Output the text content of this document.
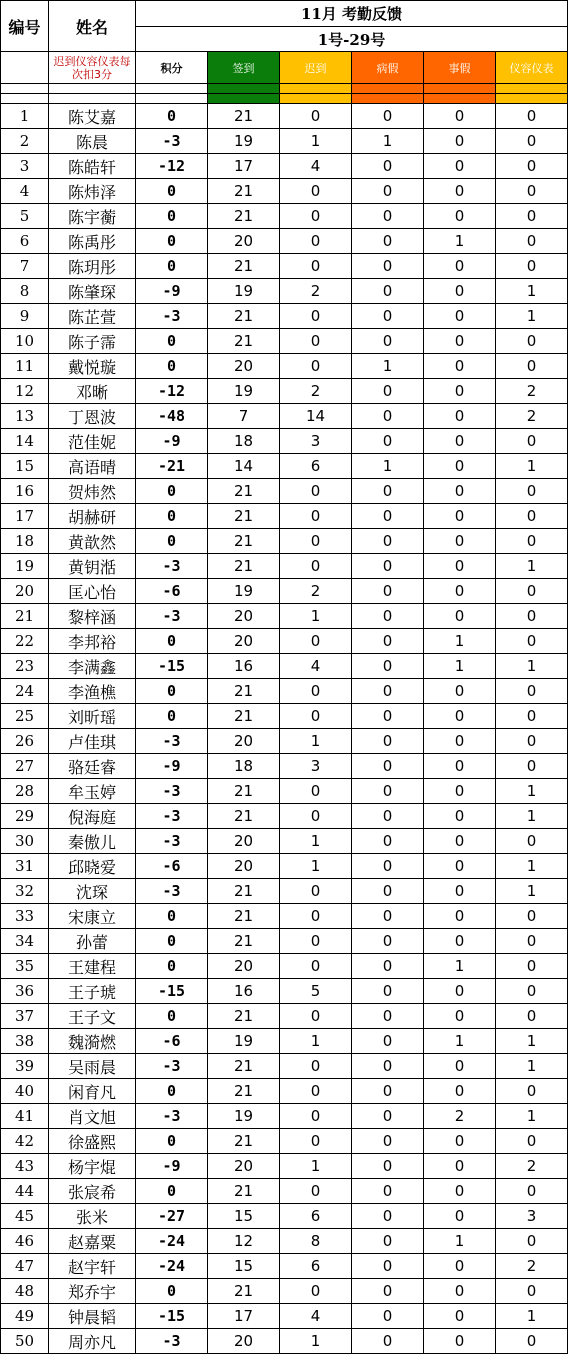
编号	姓名	11月 考勤反馈					
		1号-29号					
	迟到仪容仪表每次扣3分	积分	签到	迟到	病假	事假	仪容仪表

1	陈艾嘉	0	21	0	0	0	0
2	陈晨	-3	19	1	1	0	0
3	陈皓轩	-12	17	4	0	0	0
4	陈炜泽	0	21	0	0	0	0
5	陈宇蘅	0	21	0	0	0	0
6	陈禹彤	0	20	0	0	1	0
7	陈玥彤	0	21	0	0	0	0
8	陈肇琛	-9	19	2	0	0	1
9	陈芷萱	-3	21	0	0	0	1
10	陈子霈	0	21	0	0	0	0
11	戴悦璇	0	20	0	1	0	0
12	邓晰	-12	19	2	0	0	2
13	丁恩波	-48	7	14	0	0	2
14	范佳妮	-9	18	3	0	0	0
15	高语晴	-21	14	6	1	0	1
16	贺炜然	0	21	0	0	0	0
17	胡赫研	0	21	0	0	0	0
18	黄歆然	0	21	0	0	0	0
19	黄钥湉	-3	21	0	0	0	1
20	匡心怡	-6	19	2	0	0	0
21	黎梓涵	-3	20	1	0	0	0
22	李邦裕	0	20	0	0	1	0
23	李满鑫	-15	16	4	0	1	1
24	李渔樵	0	21	0	0	0	0
25	刘昕瑶	0	21	0	0	0	0
26	卢佳琪	-3	20	1	0	0	0
27	骆廷睿	-9	18	3	0	0	0
28	牟玉婷	-3	21	0	0	0	1
29	倪海庭	-3	21	0	0	0	1
30	秦傲儿	-3	20	1	0	0	0
31	邱晓爱	-6	20	1	0	0	1
32	沈琛	-3	21	0	0	0	1
33	宋康立	0	21	0	0	0	0
34	孙蕾	0	21	0	0	0	0
35	王建程	0	20	0	0	1	0
36	王子琥	-15	16	5	0	0	0
37	王子文	0	21	0	0	0	0
38	魏漪燃	-6	19	1	0	1	1
39	吴雨晨	-3	21	0	0	0	1
40	闲育凡	0	21	0	0	0	0
41	肖文旭	-3	19	0	0	2	1
42	徐盛熙	0	21	0	0	0	0
43	杨宇焜	-9	20	1	0	0	2
44	张宸希	0	21	0	0	0	0
45	张米	-27	15	6	0	0	3
46	赵嘉粟	-24	12	8	0	1	0
47	赵宇轩	-24	15	6	0	0	2
48	郑乔宇	0	21	0	0	0	0
49	钟晨韬	-15	17	4	0	0	1
50	周亦凡	-3	20	1	0	0	0
